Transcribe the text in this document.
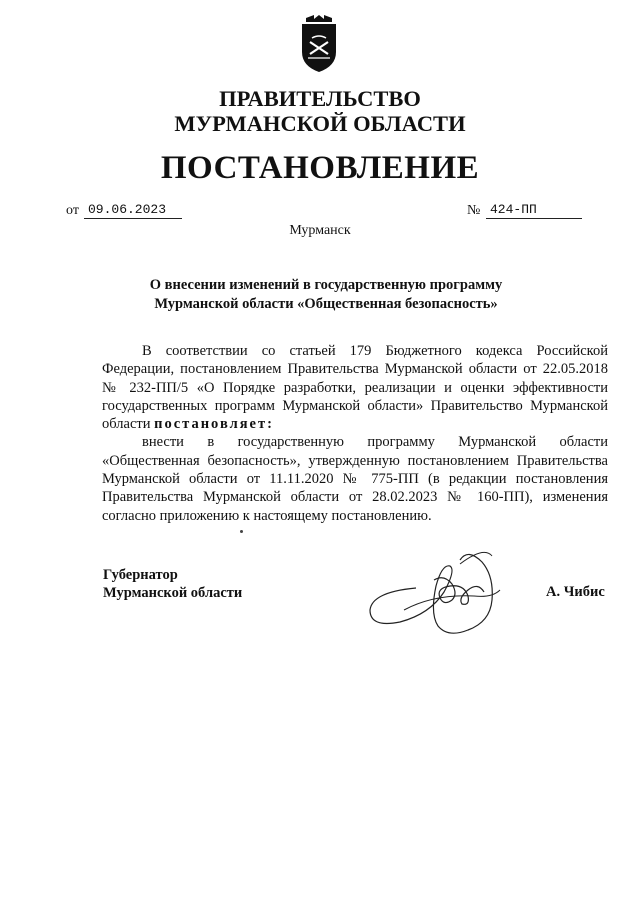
ПРАВИТЕЛЬСТВО
МУРМАНСКОЙ ОБЛАСТИ
ПОСТАНОВЛЕНИЕ
от 09.06.2023	№ 424-ПП
Мурманск
О внесении изменений в государственную программу
Мурманской области «Общественная безопасность»

В соответствии со статьей 179 Бюджетного кодекса Российской Федерации, постановлением Правительства Мурманской области от 22.05.2018 № 232-ПП/5 «О Порядке разработки, реализации и оценки эффективности государственных программ Мурманской области» Правительство Мурманской области постановляет:

внести в государственную программу Мурманской области «Общественная безопасность», утвержденную постановлением Правительства Мурманской области от 11.11.2020 № 775-ПП (в редакции постановления Правительства Мурманской области от 28.02.2023 № 160-ПП), изменения согласно приложению к настоящему постановлению.

Губернатор
Мурманской области	А. Чибис
